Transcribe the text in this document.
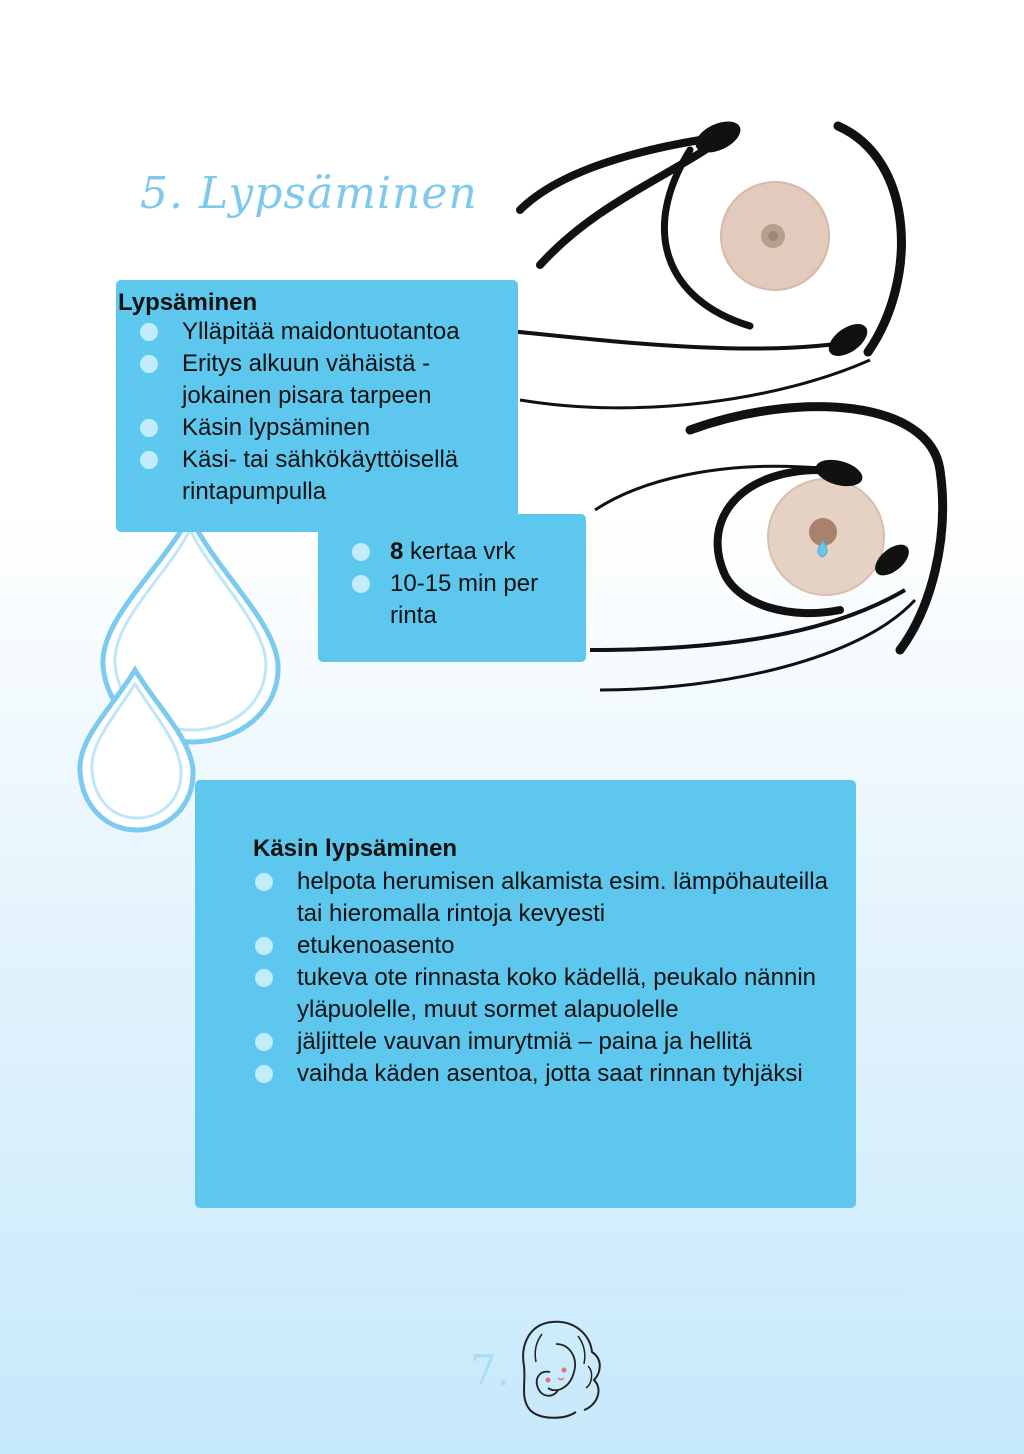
5. Lypsäminen
Lypsäminen
Ylläpitää maidontuotantoa
Eritys alkuun vähäistä - jokainen pisara tarpeen
Käsin lypsäminen
Käsi- tai sähkökäyttöisellä rintapumpulla
8 kertaa vrk
10-15 min per rinta
Käsin lypsäminen
helpota herumisen alkamista esim. lämpöhauteilla tai hieromalla rintoja kevyesti
etukenoasento
tukeva ote rinnasta koko kädellä, peukalo nännin yläpuolelle, muut sormet alapuolelle
jäljittele vauvan imurytmiä – paina ja hellitä
vaihda käden asentoa, jotta saat rinnan tyhjäksi
7.
